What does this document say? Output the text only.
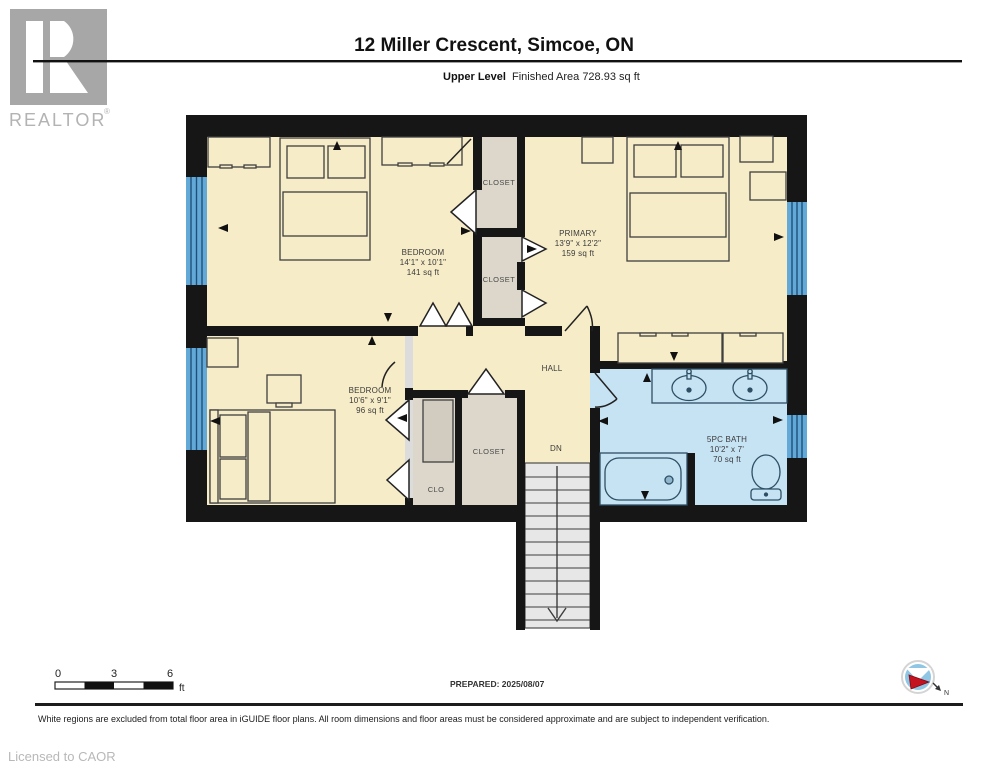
REALTOR
®
12 Miller Crescent, Simcoe, ON
Upper Level Finished Area 728.93 sq ft
BEDROOM
14'1" x 10'1"
141 sq ft
PRIMARY
13'9" x 12'2"
159 sq ft
BEDROOM
10'6" x 9'1"
96 sq ft
5PC BATH
10'2" x 7'
70 sq ft
HALL
DN
CLOSET
CLOSET
CLOSET
CLO
0	3	6
ft	PREPARED: 2025/08/07
N
White regions are excluded from total floor area in iGUIDE floor plans. All room dimensions and floor areas must be considered approximate and are subject to independent verification.
Licensed to CAOR
